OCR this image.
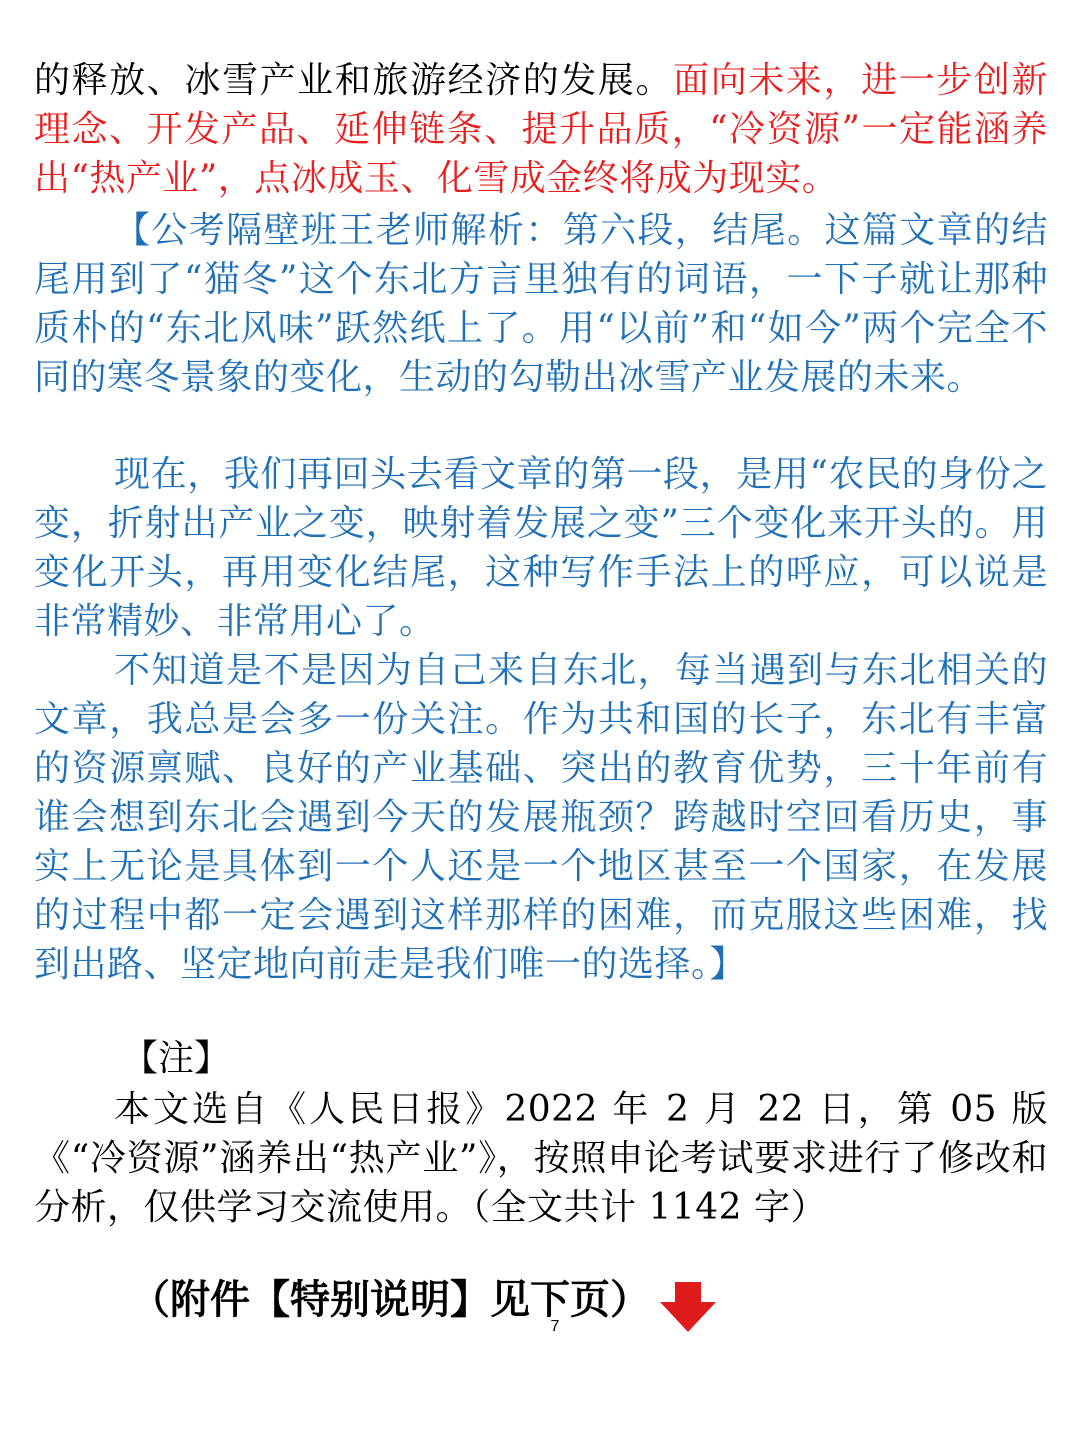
的释放、冰雪产业和旅游经济的发展。面向未来，进一步创新理念、开发产品、延伸链条、提升品质，“冷资源”一定能涵养出“热产业”，点冰成玉、化雪成金终将成为现实。

【公考隔壁班王老师解析：第六段，结尾。这篇文章的结尾用到了“猫冬”这个东北方言里独有的词语，一下子就让那种质朴的“东北风味”跃然纸上了。用“以前”和“如今”两个完全不同的寒冬景象的变化，生动的勾勒出冰雪产业发展的未来。

现在，我们再回头去看文章的第一段，是用“农民的身份之变，折射出产业之变，映射着发展之变”三个变化来开头的。用变化开头，再用变化结尾，这种写作手法上的呼应，可以说是非常精妙、非常用心了。

不知道是不是因为自己来自东北，每当遇到与东北相关的文章，我总是会多一份关注。作为共和国的长子，东北有丰富的资源禀赋、良好的产业基础、突出的教育优势，三十年前有谁会想到东北会遇到今天的发展瓶颈？跨越时空回看历史，事实上无论是具体到一个人还是一个地区甚至一个国家，在发展的过程中都一定会遇到这样那样的困难，而克服这些困难，找到出路、坚定地向前走是我们唯一的选择。】

【注】

本文选自《人民日报》2022 年 2 月 22 日，第 05 版《“冷资源”涵养出“热产业”》，按照申论考试要求进行了修改和分析，仅供学习交流使用。（全文共计 1142 字）

（附件【特别说明】见下页）
7
